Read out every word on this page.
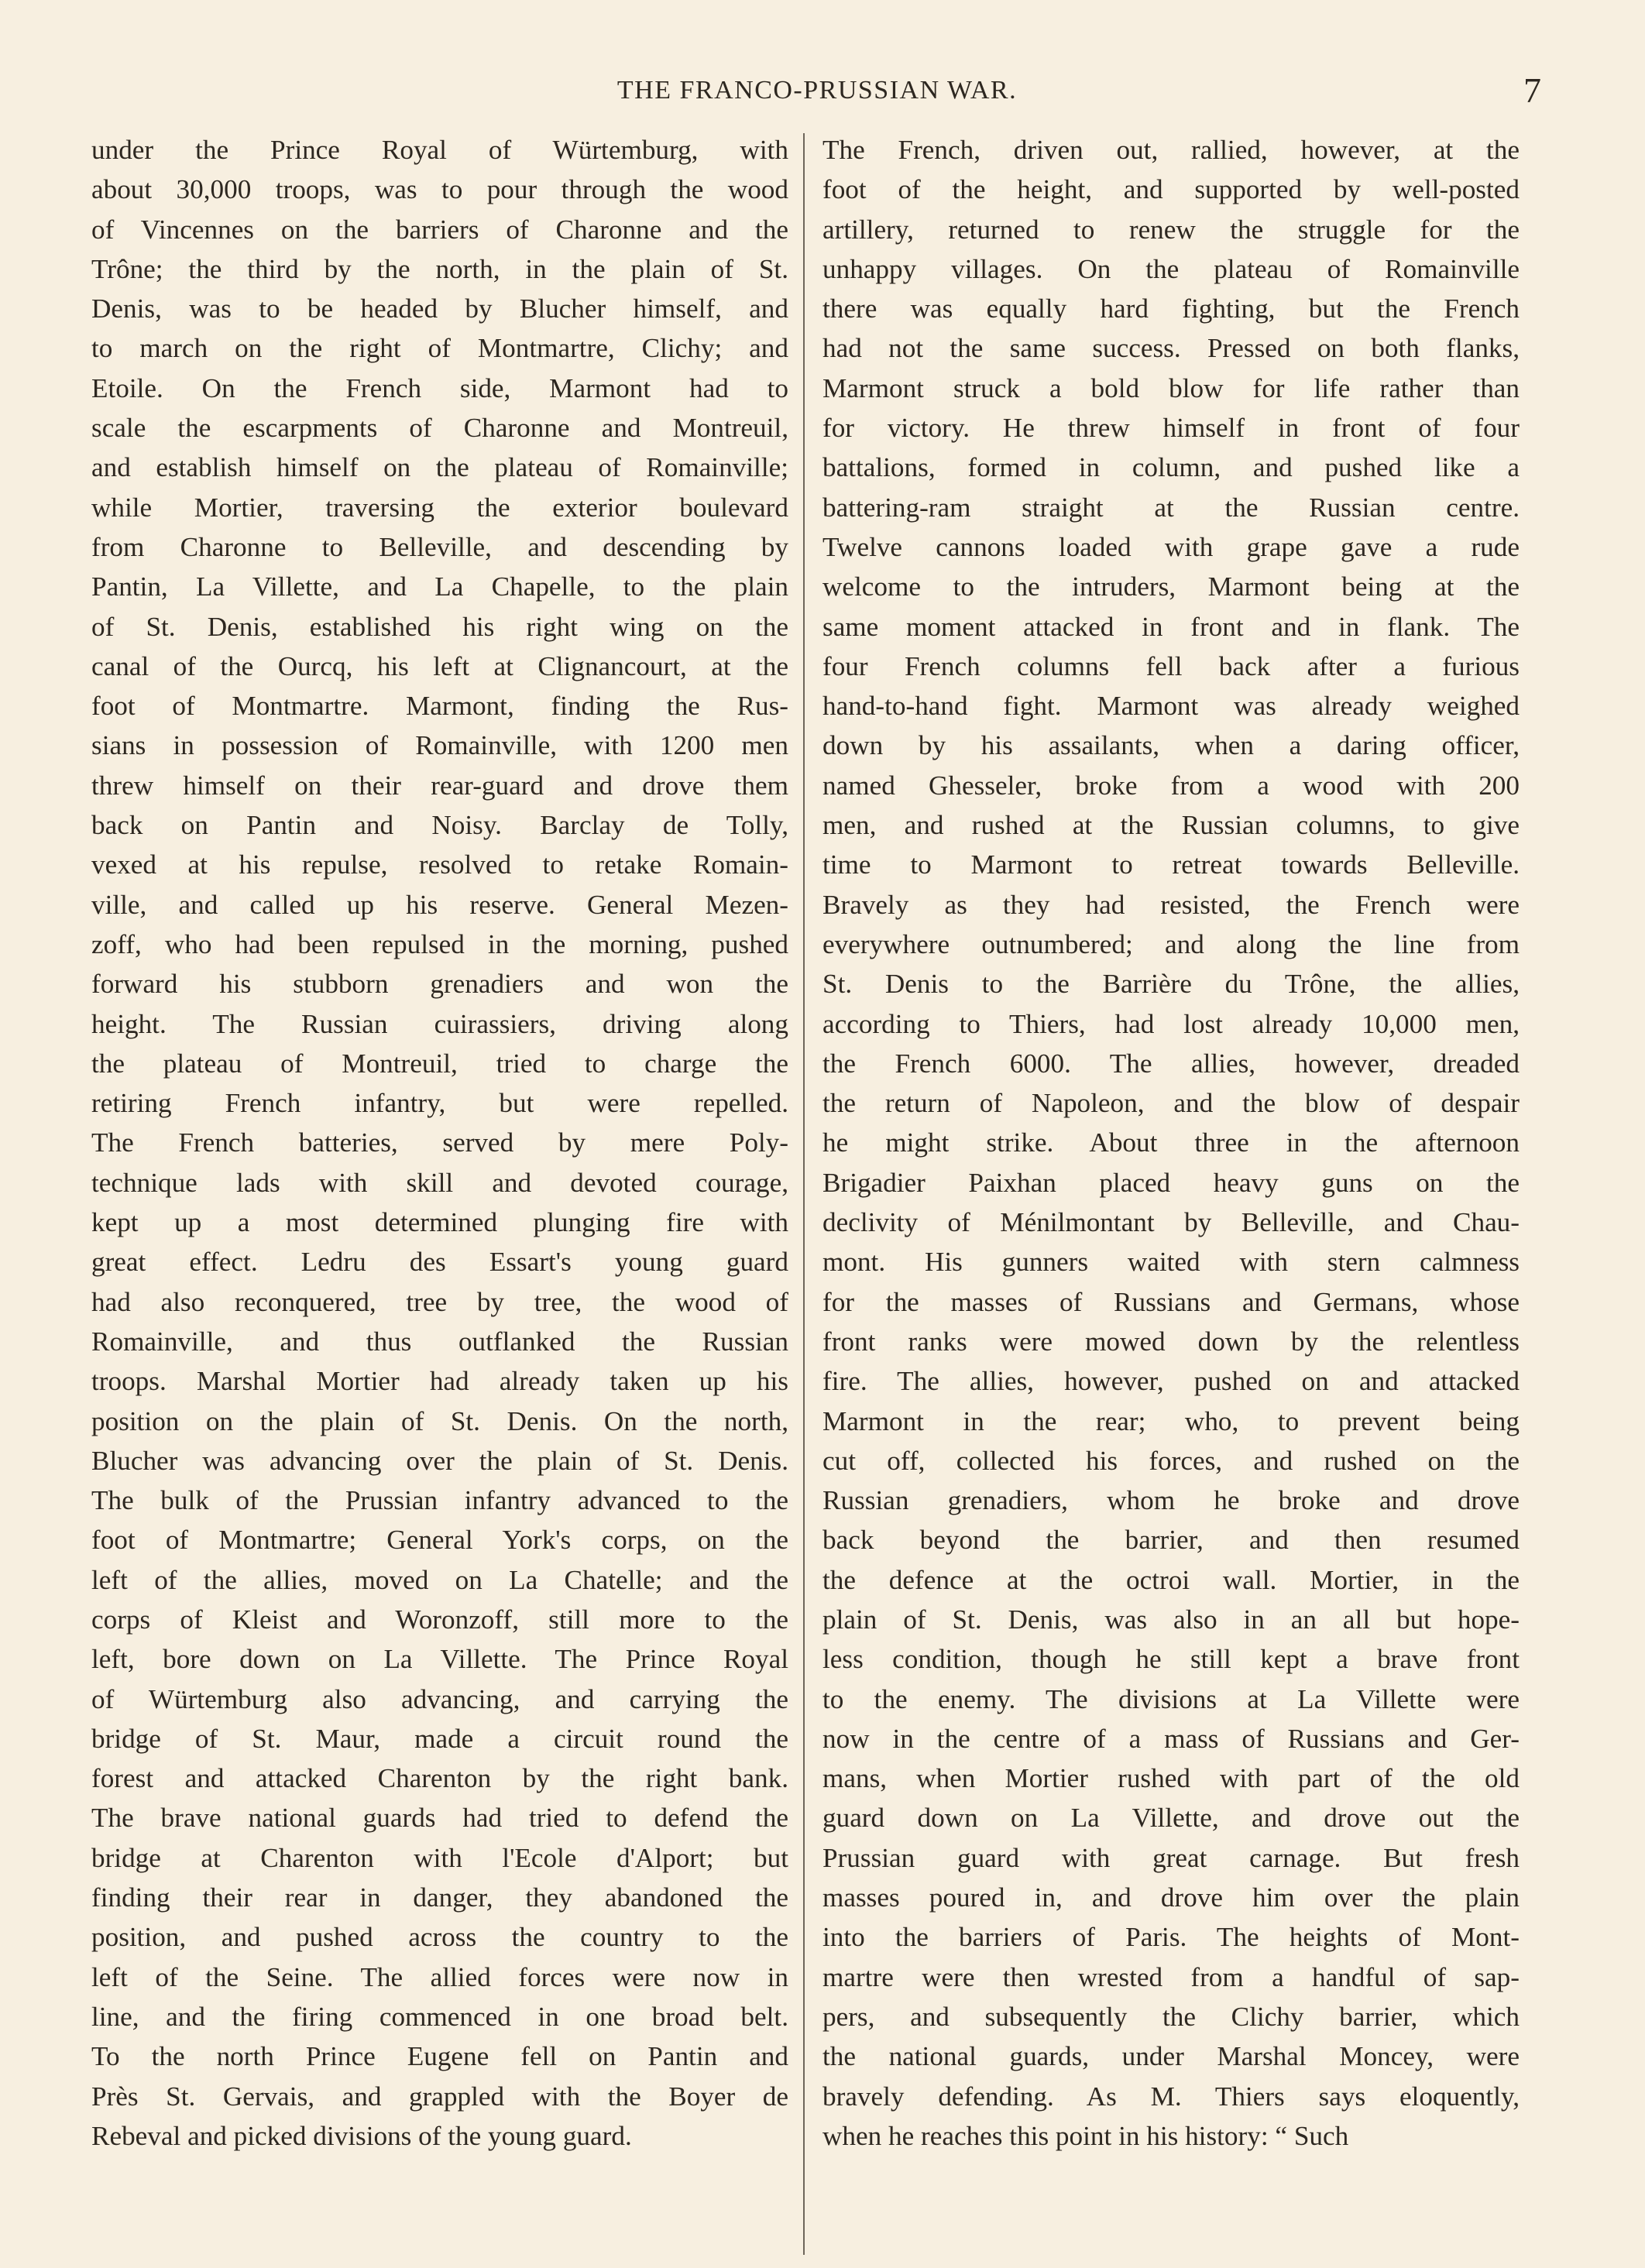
THE FRANCO-PRUSSIAN WAR.	7
under the Prince Royal of Würtemburg, with
about 30,000 troops, was to pour through the wood
of Vincennes on the barriers of Charonne and the
Trône; the third by the north, in the plain of St.
Denis, was to be headed by Blucher himself, and
to march on the right of Montmartre, Clichy; and
Etoile. On the French side, Marmont had to
scale the escarpments of Charonne and Montreuil,
and establish himself on the plateau of Romainville;
while Mortier, traversing the exterior boulevard
from Charonne to Belleville, and descending by
Pantin, La Villette, and La Chapelle, to the plain
of St. Denis, established his right wing on the
canal of the Ourcq, his left at Clignancourt, at the
foot of Montmartre. Marmont, finding the Rus-
sians in possession of Romainville, with 1200 men
threw himself on their rear-guard and drove them
back on Pantin and Noisy. Barclay de Tolly,
vexed at his repulse, resolved to retake Romain-
ville, and called up his reserve. General Mezen-
zoff, who had been repulsed in the morning, pushed
forward his stubborn grenadiers and won the
height. The Russian cuirassiers, driving along
the plateau of Montreuil, tried to charge the
retiring French infantry, but were repelled.
The French batteries, served by mere Poly-
technique lads with skill and devoted courage,
kept up a most determined plunging fire with
great effect. Ledru des Essart's young guard
had also reconquered, tree by tree, the wood of
Romainville, and thus outflanked the Russian
troops. Marshal Mortier had already taken up his
position on the plain of St. Denis. On the north,
Blucher was advancing over the plain of St. Denis.
The bulk of the Prussian infantry advanced to the
foot of Montmartre; General York's corps, on the
left of the allies, moved on La Chatelle; and the
corps of Kleist and Woronzoff, still more to the
left, bore down on La Villette. The Prince Royal
of Würtemburg also advancing, and carrying the
bridge of St. Maur, made a circuit round the
forest and attacked Charenton by the right bank.
The brave national guards had tried to defend the
bridge at Charenton with l'Ecole d'Alport; but
finding their rear in danger, they abandoned the
position, and pushed across the country to the
left of the Seine. The allied forces were now in
line, and the firing commenced in one broad belt.
To the north Prince Eugene fell on Pantin and
Près St. Gervais, and grappled with the Boyer de
Rebeval and picked divisions of the young guard.
The French, driven out, rallied, however, at the
foot of the height, and supported by well-posted
artillery, returned to renew the struggle for the
unhappy villages. On the plateau of Romainville
there was equally hard fighting, but the French
had not the same success. Pressed on both flanks,
Marmont struck a bold blow for life rather than
for victory. He threw himself in front of four
battalions, formed in column, and pushed like a
battering-ram straight at the Russian centre.
Twelve cannons loaded with grape gave a rude
welcome to the intruders, Marmont being at the
same moment attacked in front and in flank. The
four French columns fell back after a furious
hand-to-hand fight. Marmont was already weighed
down by his assailants, when a daring officer,
named Ghesseler, broke from a wood with 200
men, and rushed at the Russian columns, to give
time to Marmont to retreat towards Belleville.
Bravely as they had resisted, the French were
everywhere outnumbered; and along the line from
St. Denis to the Barrière du Trône, the allies,
according to Thiers, had lost already 10,000 men,
the French 6000. The allies, however, dreaded
the return of Napoleon, and the blow of despair
he might strike. About three in the afternoon
Brigadier Paixhan placed heavy guns on the
declivity of Ménilmontant by Belleville, and Chau-
mont. His gunners waited with stern calmness
for the masses of Russians and Germans, whose
front ranks were mowed down by the relentless
fire. The allies, however, pushed on and attacked
Marmont in the rear; who, to prevent being
cut off, collected his forces, and rushed on the
Russian grenadiers, whom he broke and drove
back beyond the barrier, and then resumed
the defence at the octroi wall. Mortier, in the
plain of St. Denis, was also in an all but hope-
less condition, though he still kept a brave front
to the enemy. The divisions at La Villette were
now in the centre of a mass of Russians and Ger-
mans, when Mortier rushed with part of the old
guard down on La Villette, and drove out the
Prussian guard with great carnage. But fresh
masses poured in, and drove him over the plain
into the barriers of Paris. The heights of Mont-
martre were then wrested from a handful of sap-
pers, and subsequently the Clichy barrier, which
the national guards, under Marshal Moncey, were
bravely defending. As M. Thiers says eloquently,
when he reaches this point in his history: “ Such
